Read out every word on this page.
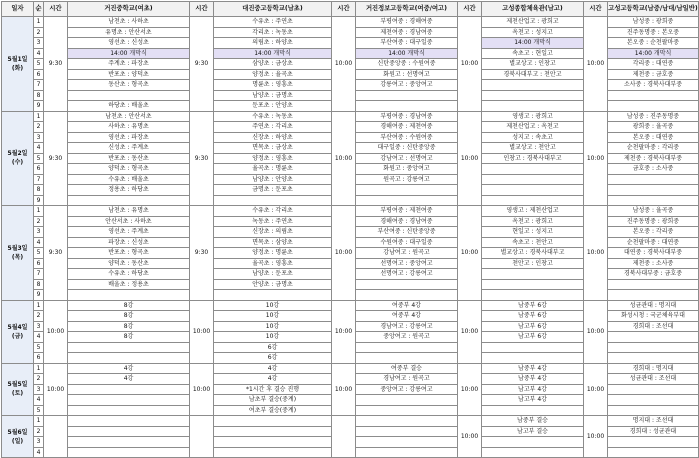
일자	순	시간	거진중학교(여초)	시간	대진중고등학교(남초)	시간	거진정보고등학교(여중/여고)	시간	고성종합체육관(남고)	시간	고성고등학교(남중/남대/남일반)
5월1일
(화)	1	9:30	남천초 : 사하초	9:30	수유초 : 주연초	10:00	부평여중 : 경해여중	10:00	제천산업고 : 광희고	10:00	남성중 : 광희중
	2		유명초 : 안산서초		각리초 : 녹동초		제천여중 : 경남여중		옥천고 : 성지고		진주동명중 : 본오중
	3		영선초 : 신성초		의림초 : 하양초		부산여중 : 대구일중		14:00 개막식		본오중 : 순천팔마중
	4		14:00 개막식		14:00 개막식		14:00 개막식		속초고 : 현일고		14:00 개막식
	5		주계초 : 파장초		삼양초 : 금상초		신탄중앙중 : 수원여중		별교상고 : 인창고		각리중 : 대연중
	6		반포초 : 양덕초		양정초 : 율곡초		화원고 : 선명여고		경북사대부고 : 천안고		제천중 : 금호중
	7		동산초 : 형곡초		명륜초 : 영흥초		강릉여고 : 중앙여고				소사중 : 경북사대부중
	8				남양초 : 금명초						
	9		하당초 : 배울초		둔포초 : 안양초						
5월2일
(수)	1	9:30	남천초 : 안산서초	9:30	수유초 : 녹동초	10:00	부평여중 : 경남여중	10:00	영생고 : 광희고	10:00	남성중 : 진주동명중
	2		사하초 : 유명초		주연초 : 각리초		경해여중 : 제천여중		제천산업고 : 옥천고		광희중 : 율곡중
	3		영선초 : 파장초		신장초 : 하양초		부산여중 : 수원여중		성지고 : 속초고		본오중 : 대연중
	4		신성초 : 주계초		면목초 : 금상초		대구일중 : 신탄중앙중		별교상고 : 천안고		순천팔마중 : 각리중
	5		반포초 : 동산초		양정초 : 영흥초		강남여고 : 선명여고		인창고 : 경북사대부고		제천중 : 경북사대부중
	6		양덕초 : 형곡초		율곡초 : 명륜초		화원고 : 중앙여고				금호중 : 소사중
	7		수유초 : 배울초		남양초 : 안양초		원곡고 : 강릉여고				
	8		정용초 : 하당초		금명초 : 둔포초						
	9										
5월3일
(목)	1	9:30	남천초 : 유명초	9:30	수유초 : 각리초	10:00	부평여중 : 제천여중	10:00	영생고 : 제천산업고	10:00	남성중 : 율곡중
	2		안산서초 : 사하초		녹동초 : 주연초		경해여중 : 경남여중		옥천고 : 광희고		진주동명중 : 광희중
	3		영선초 : 주계초		신장초 : 의림초		부산여중 : 신탄중앙중		현일고 : 성지고		본오중 : 각리중
	4		파장초 : 신성초		면목초 : 삼양초		수원여중 : 대구일중		속초고 : 천안고		순천팔마중 : 대연중
	5		반포초 : 형곡초		양정초 : 명륜초		강남여고 : 원곡고		별교상고 : 경북사대부고		대연중 : 경북사대부중
	6		양덕초 : 동산초		율곡초 : 영흥초		선명여고 : 중앙여고		천안고 : 인창고		제천중 : 소사중
	7		수유초 : 하당초		남양초 : 둔포초		선명여고 : 강릉여고				경북사대부중 : 금호중
	8		배울초 : 정용초		안양초 : 금명초						
	9										
5월4일
(금)	1	10:00	8강	10:00	10강	10:00	여중부 4강	10:00	남중부 6강	10:00	성균관대 : 명지대
	2		8강		10강		여중부 4강		남중부 6강		화성시청 : 국군체육부대
	3		8강		10강		경남여고 : 강릉여고		남고부 6강		경희대 : 조선대
	4		8강		10강		중앙여고 : 원곡고		남고부 6강		
	5				6강						
	6				6강						
5월5일
(토)	1	10:00	4강	10:00	4강	10:00	여중부 결승	10:00	남중부 4강	10:00	경희대 : 명지대
	2		4강		4강		경남여고 : 원곡고		남중부 4강		성균관대 : 조선대
	3				*1시간 후 결승 진행		중앙여고 : 강릉여고		남고부 4강		
	4				남초부 결승(중계)				남고부 4강		
	5				여초부 결승(중계)						
5월6일
(일)	1							10:00	남중부 결승	10:00	명지대 : 조선대
	2								남고부 결승		경희대 : 성균관대
	3										
	4										
